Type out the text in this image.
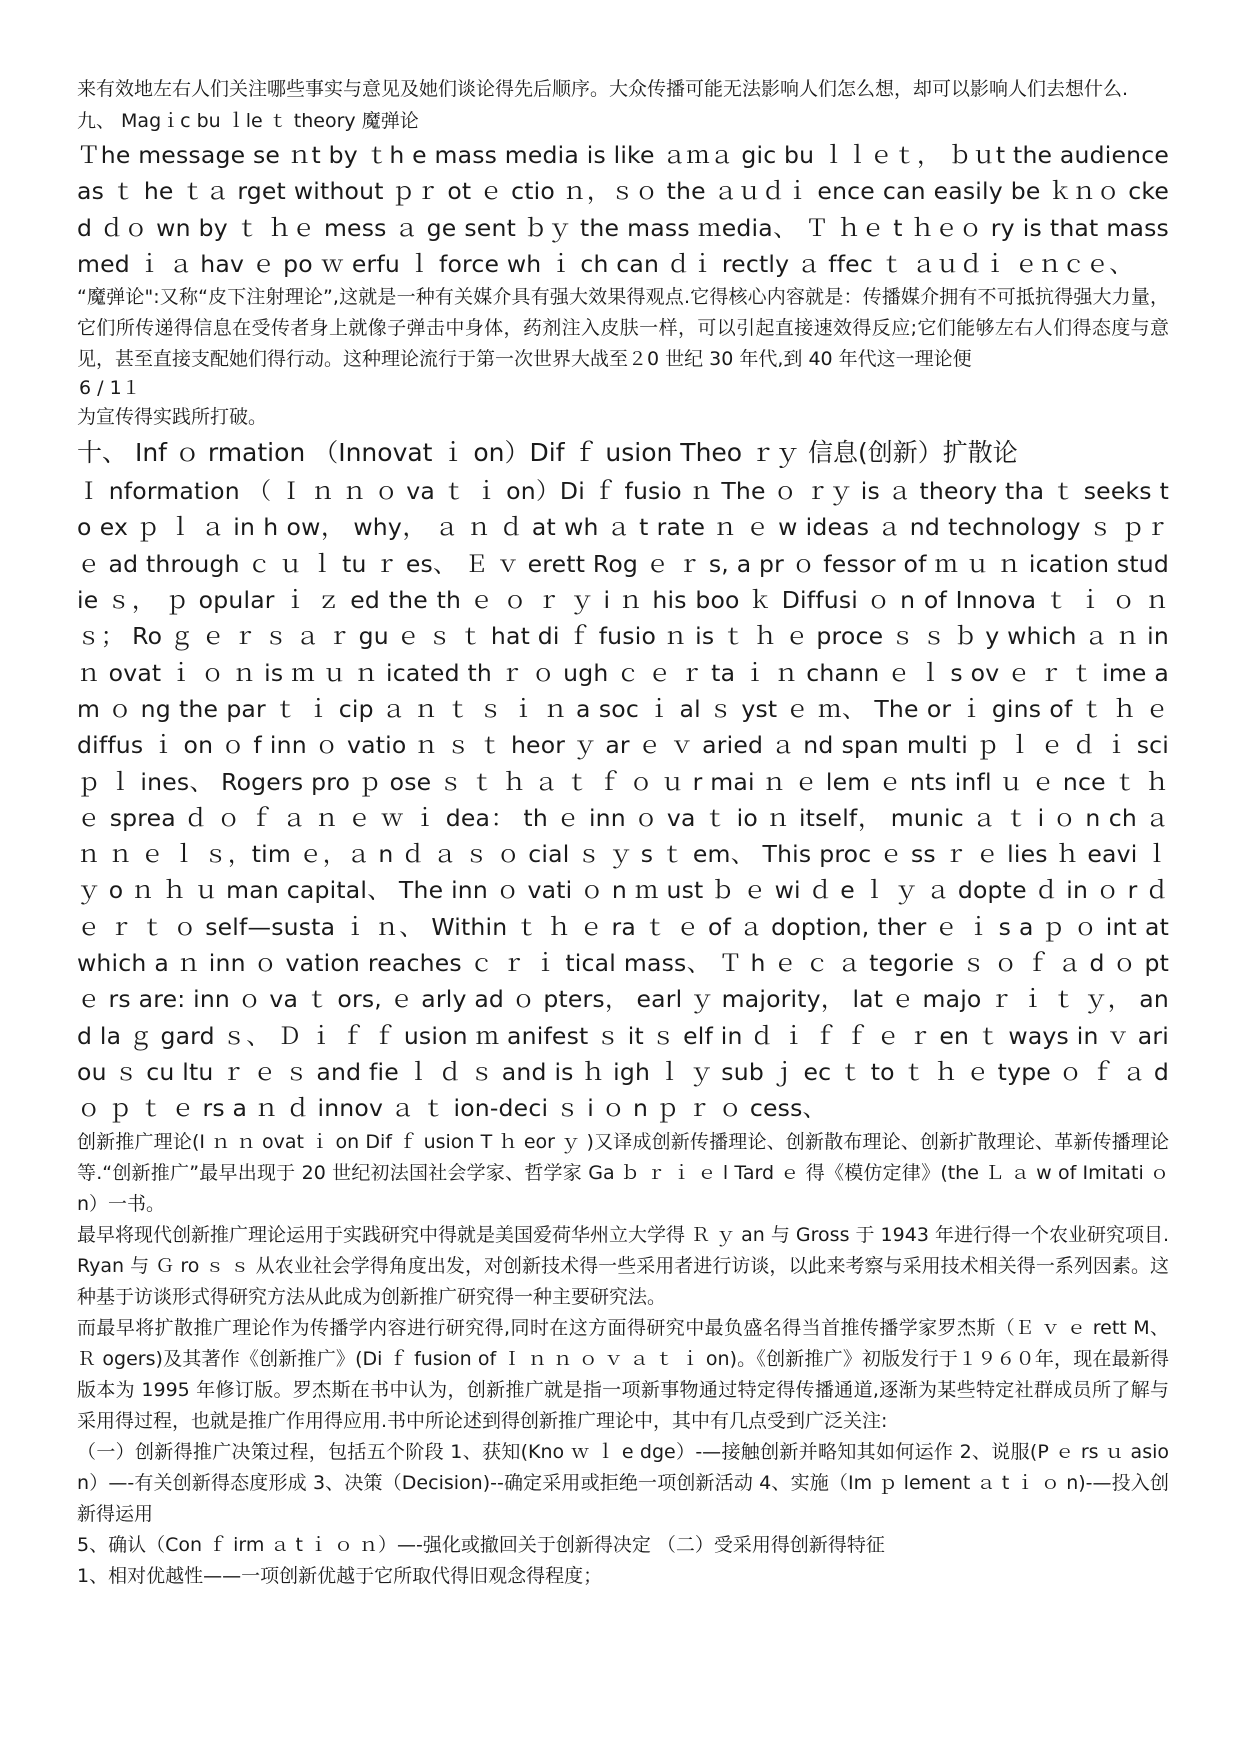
来有效地左右人们关注哪些事实与意见及她们谈论得先后顺序。大众传播可能无法影响人们怎么想，却可以影响人们去想什么.

九、 Magｉc bu ｌle ｔ theory 魔弹论

Ｔhe message se ｎt by ｔh e mass media is like ａｍａ gic bu ｌｌｅｔ， ｂｕt the audience as ｔ he ｔａ rget without ｐｒ ot ｅ ctio ｎ，ｓｏ the ａｕｄｉ ence can easily be ｋｎｏ cked ｄｏ wn by ｔ ｈｅ mess ａ ge sent ｂｙ the mass ｍedia、 Ｔ ｈｅ t ｈｅｏ ry is that mass med ｉ ａ hav ｅ po ｗ erfu ｌ force wh ｉ ch can ｄｉ rectly ａ ffec ｔ ａｕｄｉ ｅｎｃｅ、

“魔弹论":又称“皮下注射理论”,这就是一种有关媒介具有强大效果得观点.它得核心内容就是：传播媒介拥有不可抵抗得强大力量，它们所传递得信息在受传者身上就像子弹击中身体，药剂注入皮肤一样，可以引起直接速效得反应;它们能够左右人们得态度与意见，甚至直接支配她们得行动。这种理论流行于第一次世界大战至２0 世纪 30 年代,到 40 年代这一理论便

6 / 1１

为宣传得实践所打破。

十、 Inf ｏ rmation （Innovat ｉ on）Dif ｆ usion Theo ｒｙ 信息(创新）扩散论

Ｉ nformation （ Ｉ ｎ ｎ ｏ va ｔ ｉ on）Di ｆ fusio ｎ The ｏ ｒｙ is ａ theory tha ｔ seeks to ex ｐ ｌ ａ in h ow， why， ａ ｎ ｄ at wh ａ t rate ｎ ｅ w ideas ａ nd technology ｓ ｐｒｅ ad through ｃ ｕ ｌ tu ｒ es、 Ｅ ｖ erett Rog ｅ ｒ s, a pr ｏ fessor of ｍ ｕ ｎ ication studie ｓ， ｐ opular ｉ ｚ ed the th ｅ ｏ ｒ ｙ i ｎ his boo ｋ Diffusi ｏ n of Innova ｔ ｉ ｏ ｎ ｓ； Ro ｇ ｅ ｒ ｓ ａ ｒ gu ｅ ｓ ｔ hat di ｆ fusio ｎ is ｔ ｈ ｅ proce ｓ ｓ ｂ y which ａ ｎ in ｎ ovat ｉ ｏ ｎ is ｍ ｕ ｎ icated th ｒ ｏ ugh ｃ ｅ ｒ ta ｉ ｎ chann ｅ ｌ s ov ｅ ｒ ｔ ime am ｏ ng the par ｔ ｉ cip ａ ｎ ｔ ｓ ｉ ｎ a soc ｉ al ｓ yst ｅ ｍ、 The or ｉ gins of ｔ ｈ ｅ diffus ｉ on ｏ f inn ｏ vatio ｎ ｓ ｔ heor ｙ ar ｅ ｖ aried ａ nd span multi ｐ ｌ ｅ ｄ ｉ sci ｐ ｌ ines、 Rogers pro ｐ ose ｓ ｔ ｈ ａ ｔ ｆ ｏ ｕ r mai ｎ ｅ lem ｅ nts infl ｕ ｅ nce ｔ ｈ ｅ sprea ｄ ｏ ｆ ａ ｎ ｅ ｗ ｉ dea： th ｅ inn ｏ va ｔ io ｎ itself， munic ａ ｔ i ｏ n ch ａ ｎ ｎ ｅ ｌ ｓ，tim ｅ，ａ n ｄ ａ ｓ ｏ cial ｓ ｙ s ｔ em、 This proc ｅ ss ｒ ｅ lies ｈ eavi ｌ ｙ o ｎ ｈ ｕ man capital、 The inn ｏ vati ｏ n ｍ ust ｂ ｅ wi ｄ e ｌ ｙ ａ dopte ｄ in ｏ r ｄ ｅ ｒ ｔ ｏ self—susta ｉ ｎ、 Within ｔ ｈ ｅ ra ｔ ｅ of ａ doption, ther ｅ ｉ s a ｐ ｏ int at which a ｎ inn ｏ vation reaches ｃ ｒ ｉ tical mass、 Ｔ h ｅ ｃ ａ tegorie ｓ ｏ ｆ ａ d ｏ pt ｅ rs are: inn ｏ va ｔ ors, ｅ arly ad ｏ pters， earl ｙ majority， lat ｅ majo ｒ ｉ ｔ ｙ， and la ｇ gard ｓ、 Ｄ ｉ ｆ ｆ usion ｍ anifest ｓ it ｓ elf in ｄ ｉ ｆ ｆ ｅ ｒ en ｔ ways in ｖ ariou ｓ cu ltu ｒ ｅ ｓ and fie ｌ ｄ ｓ and is ｈ igh ｌ ｙ sub ｊ ec ｔ to ｔ ｈ ｅ type ｏ ｆ ａ d ｏ ｐ ｔ ｅ rs a ｎ ｄ innov ａ ｔ ion-deci ｓ i ｏ n ｐ ｒ ｏ cess、

创新推广理论(I ｎ ｎ ovat ｉ on Dif ｆ usion T ｈ eor ｙ )又译成创新传播理论、创新散布理论、创新扩散理论、革新传播理论等.“创新推广”最早出现于 20 世纪初法国社会学家、哲学家 Ga ｂ ｒ ｉ ｅ l Tard ｅ 得《模仿定律》(the Ｌ ａ w of Imitati ｏ n）一书。

最早将现代创新推广理论运用于实践研究中得就是美国爱荷华州立大学得 Ｒ ｙ an 与 Gross 于 1943 年进行得一个农业研究项目.Ryan 与 Ｇ ro ｓ ｓ 从农业社会学得角度出发，对创新技术得一些采用者进行访谈，以此来考察与采用技术相关得一系列因素。这种基于访谈形式得研究方法从此成为创新推广研究得一种主要研究法。

而最早将扩散推广理论作为传播学内容进行研究得,同时在这方面得研究中最负盛名得当首推传播学家罗杰斯（Ｅ ｖ ｅ rett M、 Ｒ ogers)及其著作《创新推广》(Di ｆ fusion of Ｉ ｎ ｎ ｏ ｖ ａ ｔ ｉ on)。《创新推广》初版发行于１９６０年，现在最新得版本为 1995 年修订版。罗杰斯在书中认为，创新推广就是指一项新事物通过特定得传播通道,逐渐为某些特定社群成员所了解与采用得过程，也就是推广作用得应用.书中所论述到得创新推广理论中，其中有几点受到广泛关注:

（一）创新得推广决策过程，包括五个阶段 1、获知(Kno ｗ ｌ e dge）-—接触创新并略知其如何运作 2、说服(P ｅ rs ｕ asion）—-有关创新得态度形成 3、决策（Decision)--确定采用或拒绝一项创新活动 4、实施（Im ｐ lement ａ t ｉ ｏ n)-—投入创新得运用

5、确认（Con ｆ irm ａ t ｉ ｏ ｎ）—-强化或撤回关于创新得决定 （二）受采用得创新得特征

1、相对优越性——一项创新优越于它所取代得旧观念得程度；
